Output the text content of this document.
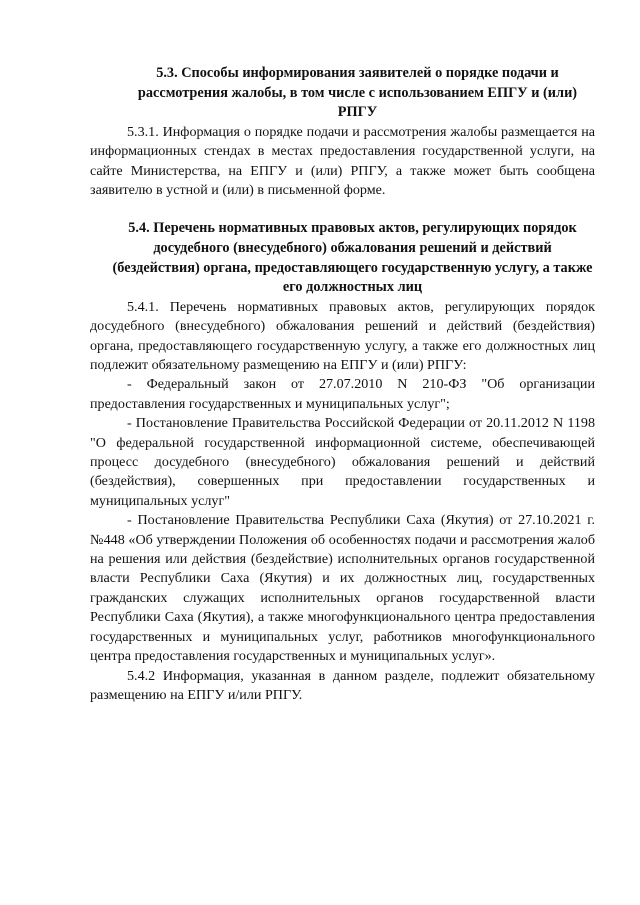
5.3. Способы информирования заявителей о порядке подачи и рассмотрения жалобы, в том числе с использованием ЕПГУ и (или) РПГУ

5.3.1. Информация о порядке подачи и рассмотрения жалобы размещается на информационных стендах в местах предоставления государственной услуги, на сайте Министерства, на ЕПГУ и (или) РПГУ, а также может быть сообщена заявителю в устной и (или) в письменной форме.

5.4. Перечень нормативных правовых актов, регулирующих порядок досудебного (внесудебного) обжалования решений и действий (бездействия) органа, предоставляющего государственную услугу, а также его должностных лиц

5.4.1. Перечень нормативных правовых актов, регулирующих порядок досудебного (внесудебного) обжалования решений и действий (бездействия) органа, предоставляющего государственную услугу, а также его должностных лиц подлежит обязательному размещению на ЕПГУ и (или) РПГУ:

- Федеральный закон от 27.07.2010 N 210-ФЗ "Об организации предоставления государственных и муниципальных услуг";

- Постановление Правительства Российской Федерации от 20.11.2012 N 1198 "О федеральной государственной информационной системе, обеспечивающей процесс досудебного (внесудебного) обжалования решений и действий (бездействия), совершенных при предоставлении государственных и муниципальных услуг"

- Постановление Правительства Республики Саха (Якутия) от 27.10.2021 г. №448 «Об утверждении Положения об особенностях подачи и рассмотрения жалоб на решения или действия (бездействие) исполнительных органов государственной власти Республики Саха (Якутия) и их должностных лиц, государственных гражданских служащих исполнительных органов государственной власти Республики Саха (Якутия), а также многофункционального центра предоставления государственных и муниципальных услуг, работников многофункционального центра предоставления государственных и муниципальных услуг».

5.4.2 Информация, указанная в данном разделе, подлежит обязательному размещению на ЕПГУ и/или РПГУ.
